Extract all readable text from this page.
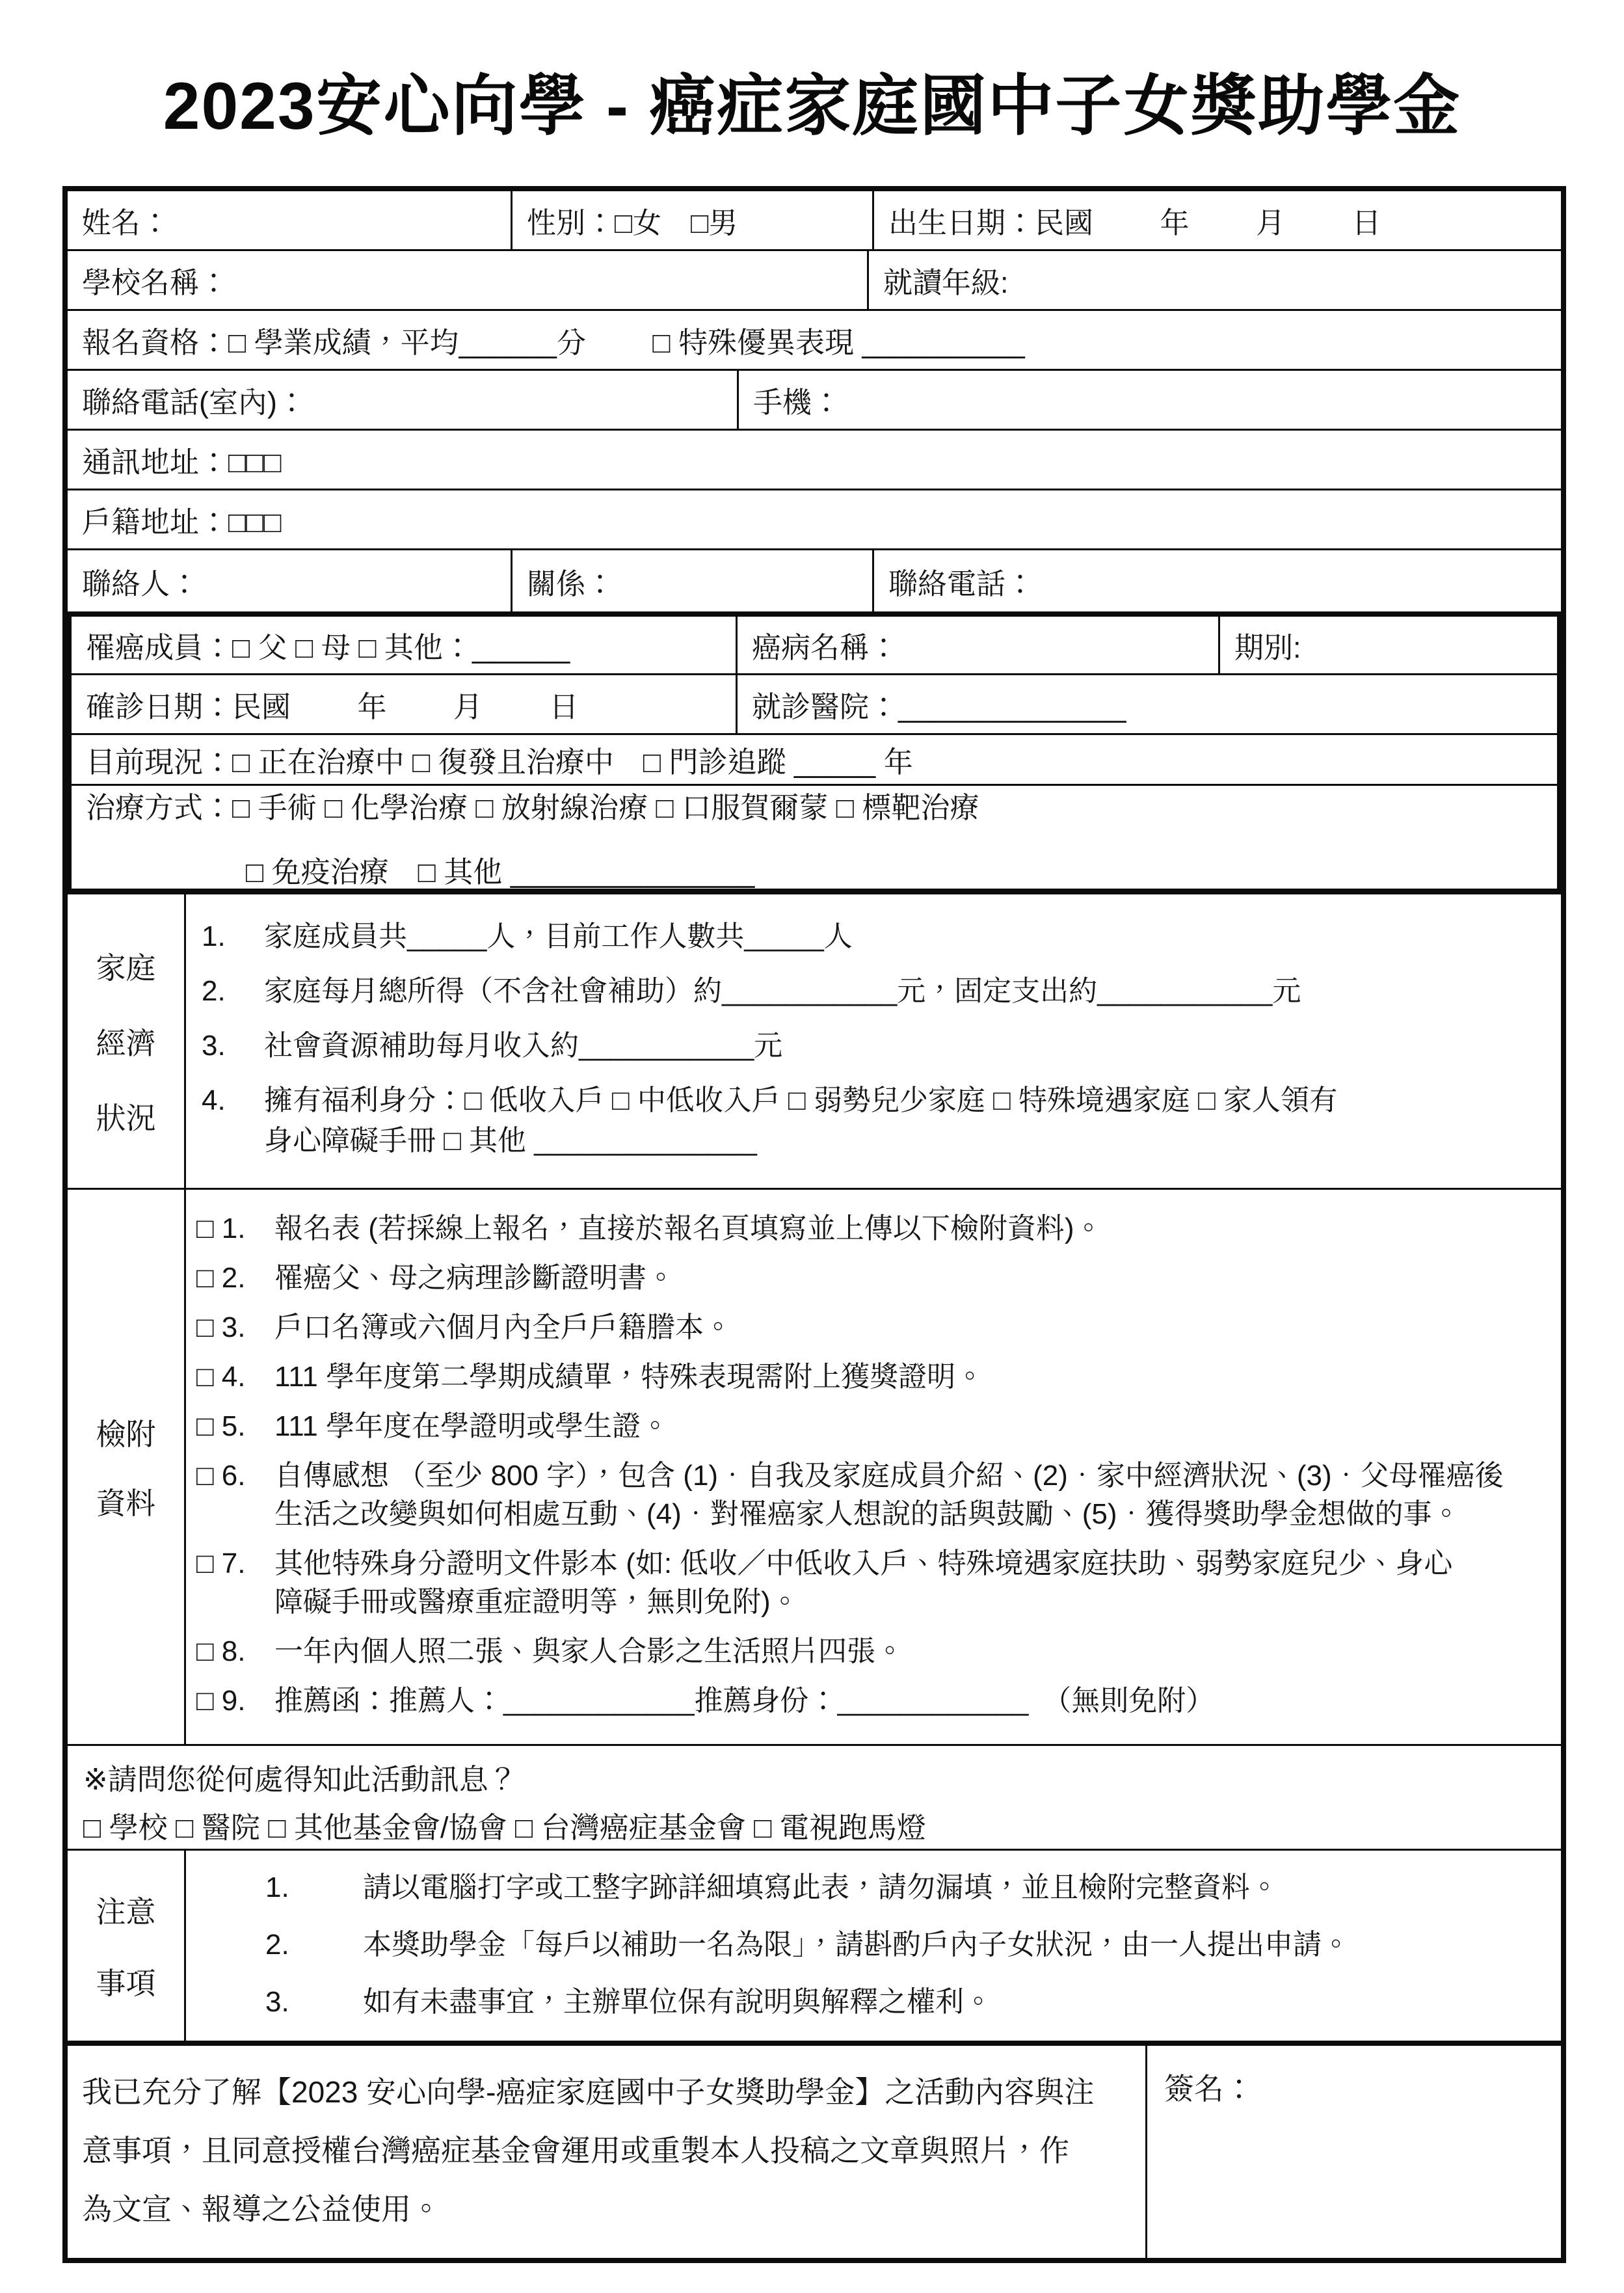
2023安心向學 - 癌症家庭國中子女獎助學金
姓名：	性別：□女　□男	出生日期：民國　　 年　　 月　　 日
學校名稱：	就讀年級:
報名資格：□ 學業成績，平均______分　　 □ 特殊優異表現 __________
聯絡電話(室內)：	手機：
通訊地址：□□□
戶籍地址：□□□
聯絡人：	關係：	聯絡電話：
罹癌成員：□ 父 □ 母 □ 其他：______	癌病名稱：	期別:
確診日期：民國　　 年　　 月　　 日	就診醫院：______________
目前現況：□ 正在治療中 □ 復發且治療中　□ 門診追蹤 _____ 年
治療方式：□ 手術 □ 化學治療 □ 放射線治療 □ 口服賀爾蒙 □ 標靶治療
□ 免疫治療　□ 其他 _______________
家庭
經濟
狀況
1.	家庭成員共_____人，目前工作人數共_____人
2.	家庭每月總所得（不含社會補助）約___________元，固定支出約___________元
3.	社會資源補助每月收入約___________元
4.	擁有福利身分：□ 低收入戶 □ 中低收入戶 □ 弱勢兒少家庭 □ 特殊境遇家庭 □ 家人領有
身心障礙手冊 □ 其他 ______________
檢附
資料
□ 1.	報名表 (若採線上報名，直接於報名頁填寫並上傳以下檢附資料)。
□ 2.	罹癌父、母之病理診斷證明書。
□ 3.	戶口名簿或六個月內全戶戶籍謄本。
□ 4.	111 學年度第二學期成績單，特殊表現需附上獲獎證明。
□ 5.	111 學年度在學證明或學生證。
□ 6.	自傳感想 （至少 800 字），包含 (1)．自我及家庭成員介紹、(2)．家中經濟狀況、(3)．父母罹癌後
生活之改變與如何相處互動、(4)．對罹癌家人想說的話與鼓勵、(5)．獲得獎助學金想做的事。
□ 7.	其他特殊身分證明文件影本 (如: 低收／中低收入戶、特殊境遇家庭扶助、弱勢家庭兒少、身心
障礙手冊或醫療重症證明等，無則免附)。
□ 8.	一年內個人照二張、與家人合影之生活照片四張。
□ 9.	推薦函：推薦人：____________推薦身份：____________　（無則免附）
※請問您從何處得知此活動訊息？
□ 學校 □ 醫院 □ 其他基金會/協會 □ 台灣癌症基金會 □ 電視跑馬燈
注意
事項
1.	請以電腦打字或工整字跡詳細填寫此表，請勿漏填，並且檢附完整資料。
2.	本獎助學金「每戶以補助一名為限」，請斟酌戶內子女狀況，由一人提出申請。
3.	如有未盡事宜，主辦單位保有說明與解釋之權利。
我已充分了解【2023 安心向學-癌症家庭國中子女獎助學金】之活動內容與注
意事項，且同意授權台灣癌症基金會運用或重製本人投稿之文章與照片，作
為文宣、報導之公益使用。
簽名：
